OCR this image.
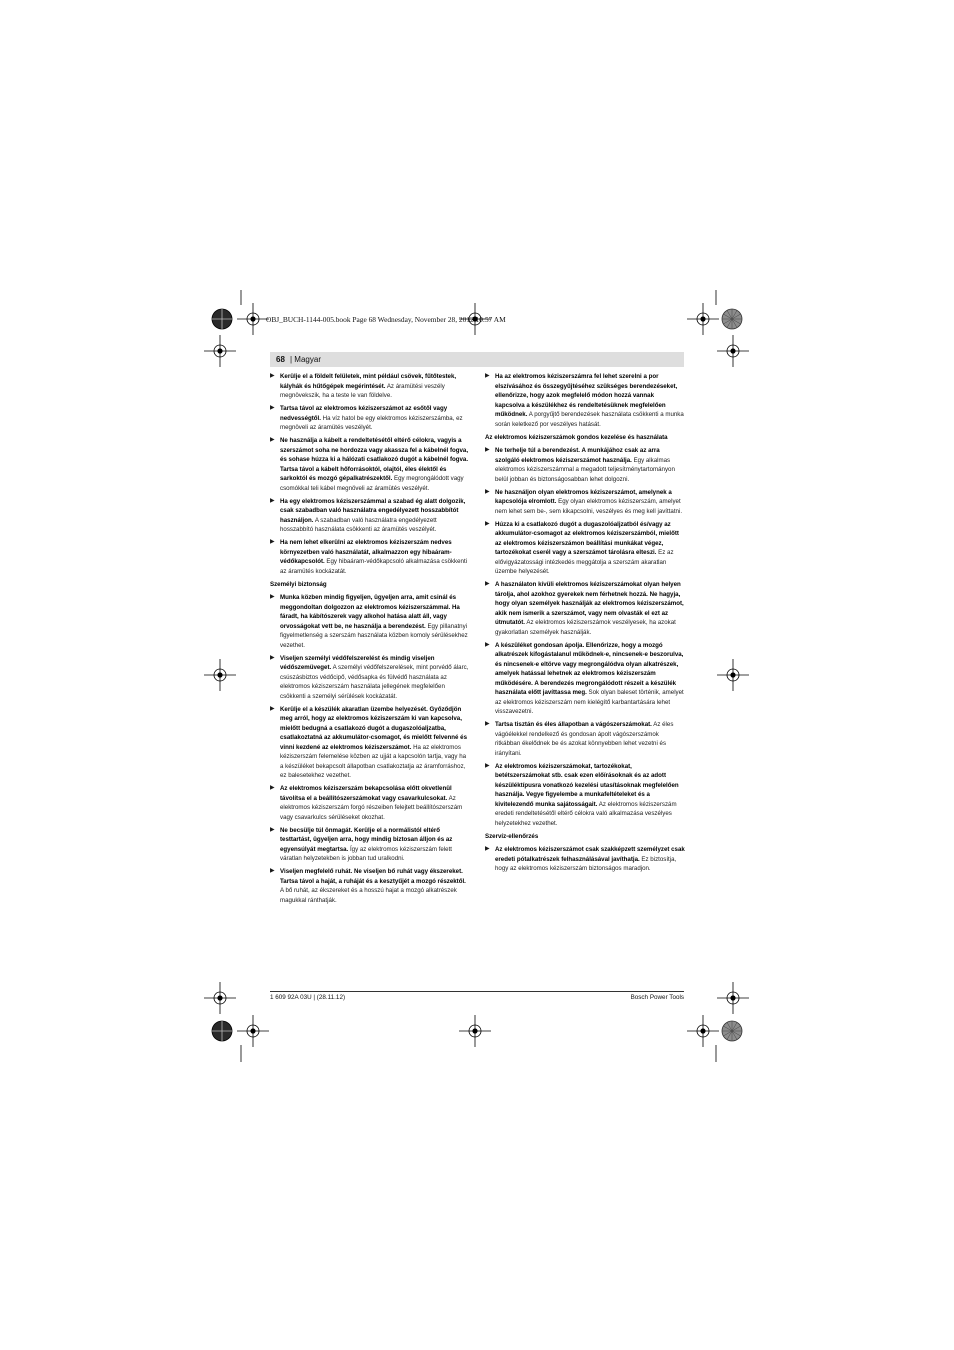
OBJ_BUCH-1144-005.book Page 68 Wednesday, November 28, 2012 10:57 AM
68 | Magyar
▶ Kerülje el a földelt felületek, mint például csövek, fűtőtestek, kályhák és hűtőgépek megérintését. Az áramütési veszély megnövekszik, ha a teste le van földelve.
▶ Tartsa távol az elektromos kéziszerszámot az esőtől vagy nedvességtől. Ha víz hatol be egy elektromos kéziszerszámba, ez megnöveli az áramütés veszélyét.
▶ Ne használja a kábelt a rendeltetésétől eltérő célokra, vagyis a szerszámot soha ne hordozza vagy akassza fel a kábelnél fogva, és sohase húzza ki a hálózati csatlakozó dugót a kábelnél fogva. Tartsa távol a kábelt hőforrásoktól, olajtól, éles élektől és sarkoktól és mozgó gépalkatrészektől. Egy megrongálódott vagy csomókkal teli kábel megnöveli az áramütés veszélyét.
▶ Ha egy elektromos kéziszerszámmal a szabad ég alatt dolgozik, csak szabadban való használatra engedélyezett hosszabbítót használjon. A szabadban való használatra engedélyezett hosszabbító használata csökkenti az áramütés veszélyét.
▶ Ha nem lehet elkerülni az elektromos kéziszerszám nedves környezetben való használatát, alkalmazzon egy hibaáram-védőkapcsolót. Egy hibaáram-védőkapcsoló alkalmazása csökkenti az áramütés kockázatát.
Személyi biztonság
▶ Munka közben mindig figyeljen, ügyeljen arra, amit csinál és meggondoltan dolgozzon az elektromos kéziszerszámmal. Ha fáradt, ha kábítószerek vagy alkohol hatása alatt áll, vagy orvosságokat vett be, ne használja a berendezést. Egy pillanatnyi figyelmetlenség a szerszám használata közben komoly sérülésekhez vezethet.
▶ Viseljen személyi védőfelszerelést és mindig viseljen védőszemüveget. A személyi védőfelszerelések, mint porvédő álarc, csúszásbiztos védőcipő, védősapka és fülvédő használata az elektromos kéziszerszám használata jellegének megfelelően csökkenti a személyi sérülések kockázatát.
▶ Kerülje el a készülék akaratlan üzembe helyezését. Győződjön meg arról, hogy az elektromos kéziszerszám ki van kapcsolva, mielőtt bedugná a csatlakozó dugót a dugaszolóaljzatba, csatlakoztatná az akkumulátor-csomagot, és mielőtt felvenné és vinni kezdené az elektromos kéziszerszámot. Ha az elektromos kéziszerszám felemelése közben az ujját a kapcsolón tartja, vagy ha a készüléket bekapcsolt állapotban csatlakoztatja az áramforráshoz, ez balesetekhez vezethet.
▶ Az elektromos kéziszerszám bekapcsolása előtt okvetlenül távolítsa el a beállítószerszámokat vagy csavarkulcsokat. Az elektromos kéziszerszám forgó részeiben felejtett beállítószerszám vagy csavarkulcs sérüléseket okozhat.
▶ Ne becsülje túl önmagát. Kerülje el a normálistól eltérő testtartást, ügyeljen arra, hogy mindig biztosan álljon és az egyensúlyát megtartsa. Így az elektromos kéziszerszám felett váratlan helyzetekben is jobban tud uralkodni.
▶ Viseljen megfelelő ruhát. Ne viseljen bő ruhát vagy ékszereket. Tartsa távol a haját, a ruháját és a kesztyűjét a mozgó részektől. A bő ruhát, az ékszereket és a hosszú hajat a mozgó alkatrészek magukkal ránthatják.
▶ Ha az elektromos kéziszerszámra fel lehet szerelni a por elszívásához és összegyűjtéséhez szükséges berendezéseket, ellenőrizze, hogy azok megfelelő módon hozzá vannak kapcsolva a készülékhez és rendeltetésüknek megfelelően működnek. A porgyűjtő berendezések használata csökkenti a munka során keletkező por veszélyes hatását.
Az elektromos kéziszerszámok gondos kezelése és használata
▶ Ne terhelje túl a berendezést. A munkájához csak az arra szolgáló elektromos kéziszerszámot használja. Egy alkalmas elektromos kéziszerszámmal a megadott teljesítménytartományon belül jobban és biztonságosabban lehet dolgozni.
▶ Ne használjon olyan elektromos kéziszerszámot, amelynek a kapcsolója elromlott. Egy olyan elektromos kéziszerszám, amelyet nem lehet sem be-, sem kikapcsolni, veszélyes és meg kell javíttatni.
▶ Húzza ki a csatlakozó dugót a dugaszolóaljzatból és/vagy az akkumulátor-csomagot az elektromos kéziszerszámból, mielőtt az elektromos kéziszerszámon beállítási munkákat végez, tartozékokat cserél vagy a szerszámot tárolásra elteszi. Ez az elővigyázatossági intézkedés meggátolja a szerszám akaratlan üzembe helyezését.
▶ A használaton kívüli elektromos kéziszerszámokat olyan helyen tárolja, ahol azokhoz gyerekek nem férhetnek hozzá. Ne hagyja, hogy olyan személyek használják az elektromos kéziszerszámot, akik nem ismerik a szerszámot, vagy nem olvasták el ezt az útmutatót. Az elektromos kéziszerszámok veszélyesek, ha azokat gyakorlatlan személyek használják.
▶ A készüléket gondosan ápolja. Ellenőrizze, hogy a mozgó alkatrészek kifogástalanul működnek-e, nincsenek-e beszorulva, és nincsenek-e eltörve vagy megrongálódva olyan alkatrészek, amelyek hatással lehetnek az elektromos kéziszerszám működésére. A berendezés megrongálódott részeit a készülék használata előtt javíttassa meg. Sok olyan baleset történik, amelyet az elektromos kéziszerszám nem kielégítő karbantartására lehet visszavezetni.
▶ Tartsa tisztán és éles állapotban a vágószerszámokat. Az éles vágóélekkel rendelkező és gondosan ápolt vágószerszámok ritkábban ékelődnek be és azokat könnyebben lehet vezetni és irányítani.
▶ Az elektromos kéziszerszámokat, tartozékokat, betétszerszámokat stb. csak ezen előírásoknak és az adott készüléktípusra vonatkozó kezelési utasításoknak megfelelően használja. Vegye figyelembe a munkafeltételeket és a kivitelezendő munka sajátosságait. Az elektromos kéziszerszám eredeti rendeltetésétől eltérő célokra való alkalmazása veszélyes helyzetekhez vezethet.
Szervíz-ellenőrzés
▶ Az elektromos kéziszerszámot csak szakképzett személyzet csak eredeti pótalkatrészek felhasználásával javíthatja. Ez biztosítja, hogy az elektromos kéziszerszám biztonságos maradjon.
1 609 92A 03U | (28.11.12)	Bosch Power Tools
